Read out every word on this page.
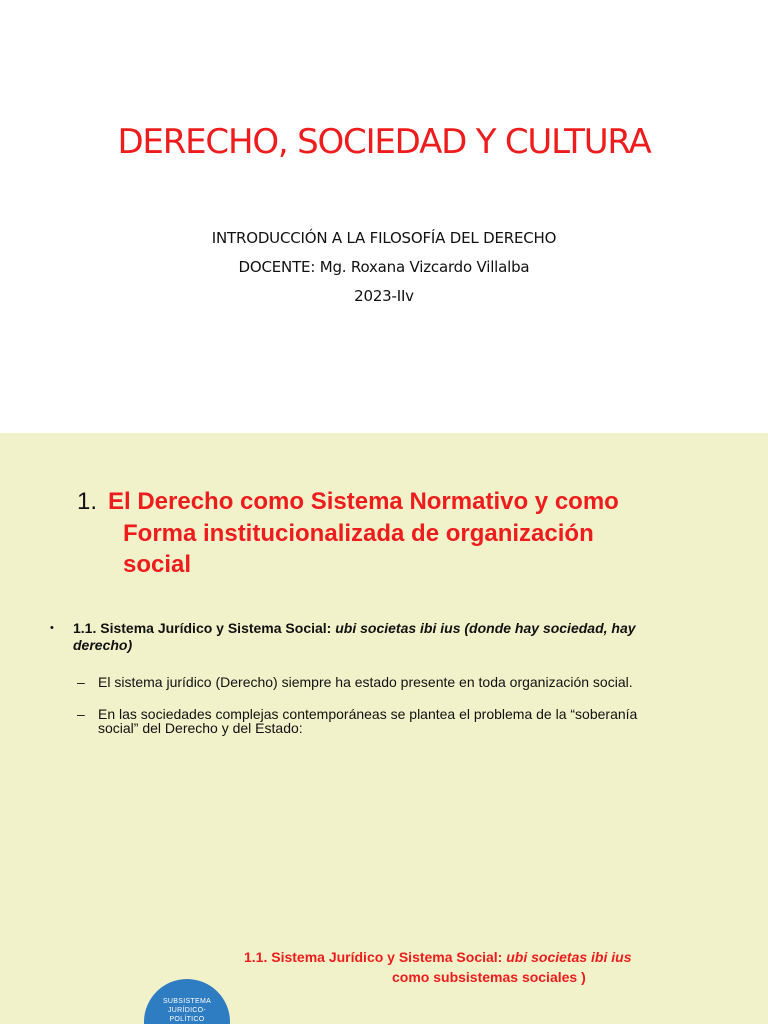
DERECHO, SOCIEDAD Y CULTURA
INTRODUCCIÓN A LA FILOSOFÍA DEL DERECHO
DOCENTE: Mg. Roxana Vizcardo Villalba
2023-IIv
1. El Derecho como Sistema Normativo y como
Forma institucionalizada de organización
social
•	1.1. Sistema Jurídico y Sistema Social: ubi societas ibi ius (donde hay sociedad, hay derecho)
– El sistema jurídico (Derecho) siempre ha estado presente en toda organización social.
– En las sociedades complejas contemporáneas se plantea el problema de la “soberanía social” del Derecho y del Estado:
1.1. Sistema Jurídico y Sistema Social: ubi societas ibi ius
como subsistemas sociales )
SUBSISTEMA
JURÍDICO-
POLÍTICO
